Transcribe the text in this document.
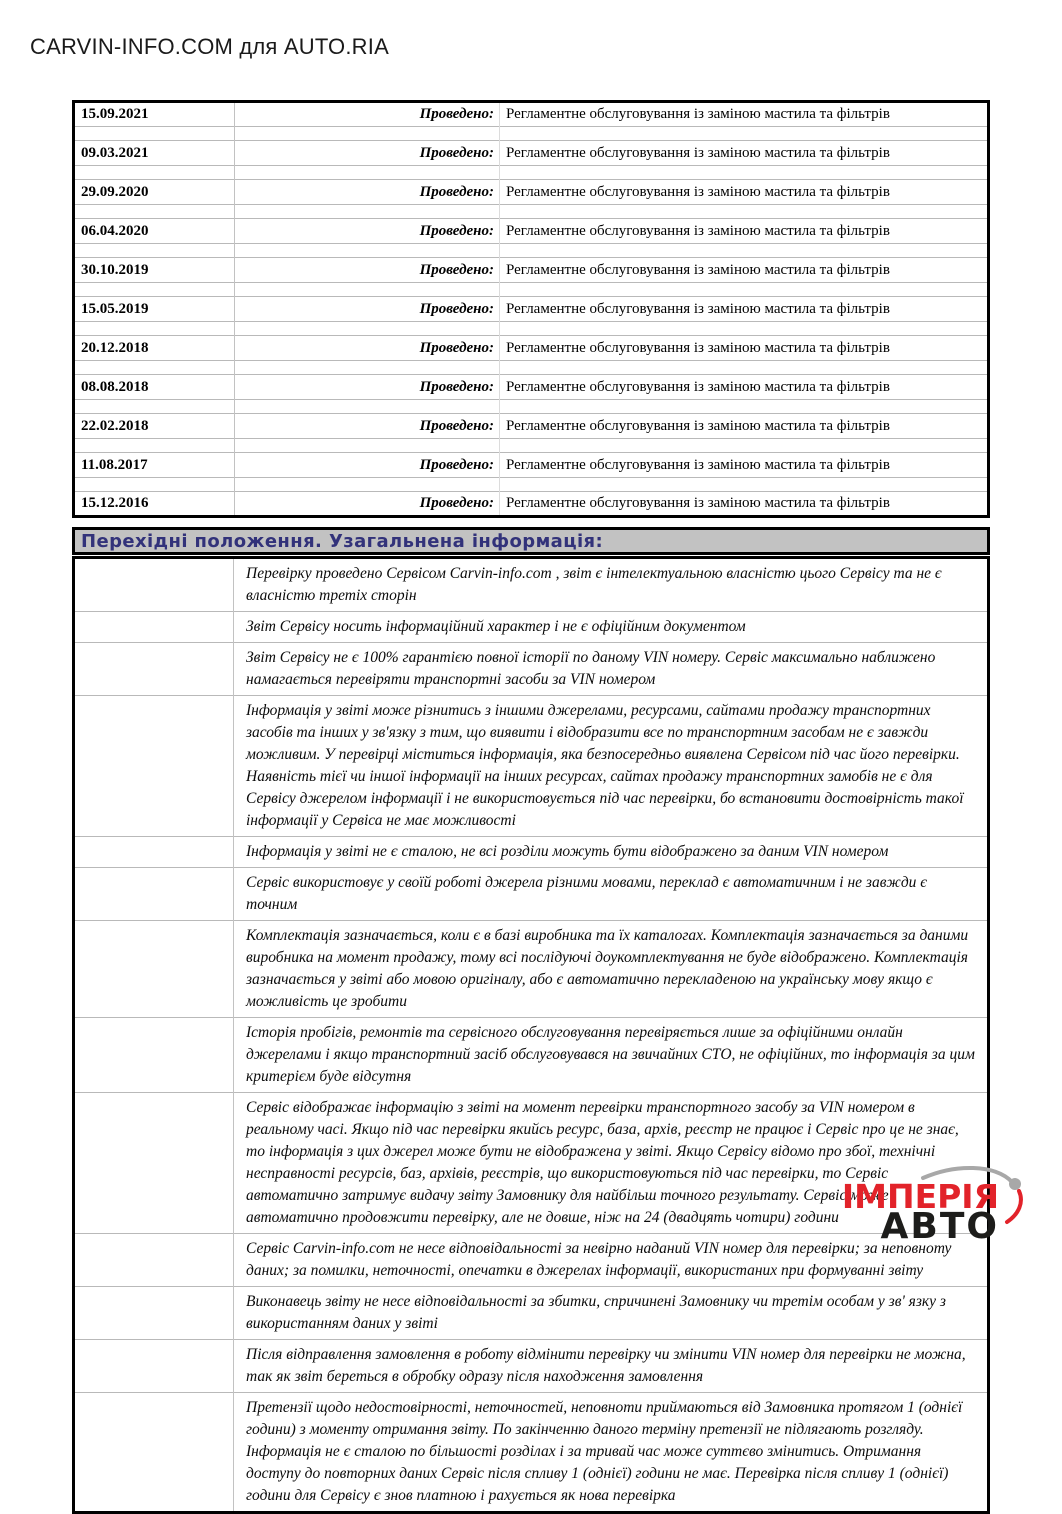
CARVIN-INFO.COM для AUTO.RIA
15.09.2021	Проведено:	Регламентне обслуговування із заміною мастила та фільтрів

09.03.2021	Проведено:	Регламентне обслуговування із заміною мастила та фільтрів

29.09.2020	Проведено:	Регламентне обслуговування із заміною мастила та фільтрів

06.04.2020	Проведено:	Регламентне обслуговування із заміною мастила та фільтрів

30.10.2019	Проведено:	Регламентне обслуговування із заміною мастила та фільтрів

15.05.2019	Проведено:	Регламентне обслуговування із заміною мастила та фільтрів

20.12.2018	Проведено:	Регламентне обслуговування із заміною мастила та фільтрів

08.08.2018	Проведено:	Регламентне обслуговування із заміною мастила та фільтрів

22.02.2018	Проведено:	Регламентне обслуговування із заміною мастила та фільтрів

11.08.2017	Проведено:	Регламентне обслуговування із заміною мастила та фільтрів

15.12.2016	Проведено:	Регламентне обслуговування із заміною мастила та фільтрів
Перехідні положення. Узагальнена інформація:
	Перевірку проведено Сервісом Carvin-info.com , звіт є інтелектуальною власністю цього Сервісу та не є власністю третіх сторін
	Звіт Сервісу носить інформаційний характер і не є офіційним документом
	Звіт Сервісу не є 100% гарантією повної історії по даному VIN номеру. Сервіс максимально наближено намагається перевіряти транспортні засоби за VIN номером
	Інформація у звіті може різнитись з іншими джерелами, ресурсами, сайтами продажу транспортних засобів та інших у зв'язку з тим, що виявити і відобразити все по транспортним засобам не є завжди можливим. У перевірці міститься інформація, яка безпосередньо виявлена Сервісом під час його перевірки. Наявність тієї чи іншої інформації на інших ресурсах, сайтах продажу транспортних замобів не є для Сервісу джерелом інформації і не використовується під час перевірки, бо встановити достовірність такої інформації у Сервіса не має можливості
	Інформація у звіті не є сталою, не всі розділи можуть бути відображено за даним VIN номером
	Сервіс використовує у своїй роботі джерела різними мовами, переклад є автоматичним і не завжди є точним
	Комплектація зазначається, коли є в базі виробника та їх каталогах. Комплектація зазначається за даними виробника на момент продажу, тому всі послідуючі доукомплектування не буде відображено. Комплектація зазначається у звіті або мовою оригіналу, або є автоматично перекладеною на українську мову якщо є можливість це зробити
	Історія пробігів, ремонтів та сервісного обслуговування перевіряється лише за офіційними онлайн джерелами і якщо транспортний засіб обслуговувався на звичайних СТО, не офіційних, то інформація за цим критерієм буде відсутня
	Сервіс відображає інформацію з звіті на момент перевірки транспортного засобу за VIN номером в реальному часі. Якщо під час перевірки якийсь ресурс, база, архів, реєстр не працює і Сервіс про це не знає, то інформація з цих джерел може бути не відображена у звіті. Якщо Сервісу відомо про збої, технічні несправності ресурсів, баз, архівів, реєстрів, що використовуються під час перевірки, то Сервіс автоматично затримує видачу звіту Замовнику для найбільш точного результату. Сервіс може автоматично продовжити перевірку, але не довше, ніж на 24 (двадцять чотири) години
	Сервіс Carvin-info.com не несе відповідальності за невірно наданий VIN номер для перевірки; за неповноту даних; за помилки, неточності, опечатки в джерелах інформації, використаних при формуванні звіту
	Виконавець звіту не несе відповідальності за збитки, спричинені Замовнику чи третім особам у зв' язку з використанням даних у звіті
	Після відправлення замовлення в роботу відмінити перевірку чи змінити VIN номер для перевірки не можна, так як звіт береться в обробку одразу після находження замовлення
	Претензії щодо недостовірності, неточностей, неповноти приймаються від Замовника протягом 1 (однієї години) з моменту отримання звіту. По закінченню даного терміну претензії не підлягають розгляду. Інформація не є сталою по більшості розділах і за тривай час може суттєво змінитись. Отримання доступу до повторних даних Сервіс після спливу 1 (однієї) години не має. Перевірка після спливу 1 (однієї) години для Сервісу є знов платною і рахується як нова перевірка
ІМПЕРІЯ
АВТО
